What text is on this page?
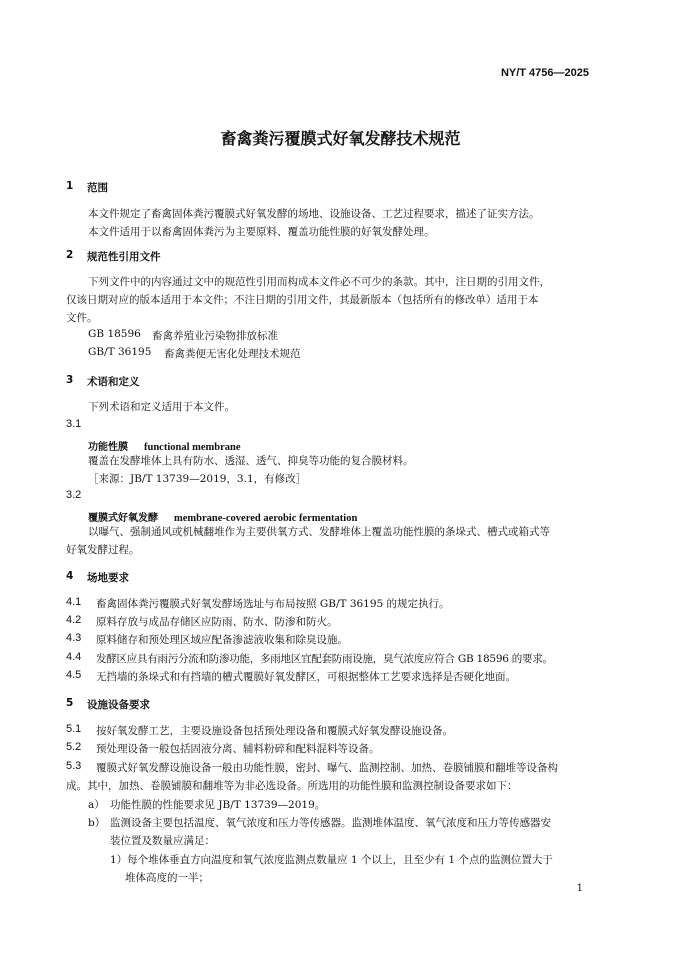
NY/T 4756—2025
畜禽粪污覆膜式好氧发酵技术规范
1 范围
本文件规定了畜禽固体粪污覆膜式好氧发酵的场地、设施设备、工艺过程要求，描述了证实方法。
本文件适用于以畜禽固体粪污为主要原料、覆盖功能性膜的好氧发酵处理。
2 规范性引用文件
下列文件中的内容通过文中的规范性引用而构成本文件必不可少的条款。其中，注日期的引用文件，
仅该日期对应的版本适用于本文件；不注日期的引用文件，其最新版本（包括所有的修改单）适用于本
文件。
GB 18596 畜禽养殖业污染物排放标准
GB/T 36195 畜禽粪便无害化处理技术规范
3 术语和定义
下列术语和定义适用于本文件。
3.1
功能性膜 functional membrane
覆盖在发酵堆体上具有防水、透湿、透气、抑臭等功能的复合膜材料。
［来源：JB/T 13739—2019，3.1，有修改］
3.2
覆膜式好氧发酵 membrane-covered aerobic fermentation
以曝气、强制通风或机械翻堆作为主要供氧方式、发酵堆体上覆盖功能性膜的条垛式、槽式或箱式等
好氧发酵过程。
4 场地要求
4.1 畜禽固体粪污覆膜式好氧发酵场选址与布局按照 GB/T 36195 的规定执行。
4.2 原料存放与成品存储区应防雨、防水、防渗和防火。
4.3 原料储存和预处理区域应配备渗滤液收集和除臭设施。
4.4 发酵区应具有雨污分流和防渗功能，多雨地区宜配套防雨设施，臭气浓度应符合 GB 18596 的要求。
4.5 无挡墙的条垛式和有挡墙的槽式覆膜好氧发酵区，可根据整体工艺要求选择是否硬化地面。
5 设施设备要求
5.1 按好氧发酵工艺，主要设施设备包括预处理设备和覆膜式好氧发酵设施设备。
5.2 预处理设备一般包括固液分离、辅料粉碎和配料混料等设备。
5.3 覆膜式好氧发酵设施设备一般由功能性膜，密封、曝气、监测控制、加热、卷膜铺膜和翻堆等设备构
成。其中，加热、卷膜铺膜和翻堆等为非必选设备。所选用的功能性膜和监测控制设备要求如下：
a） 功能性膜的性能要求见 JB/T 13739—2019。
b） 监测设备主要包括温度、氧气浓度和压力等传感器。监测堆体温度、氧气浓度和压力等传感器安
装位置及数量应满足：
1）每个堆体垂直方向温度和氧气浓度监测点数量应 1 个以上，且至少有 1 个点的监测位置大于
堆体高度的一半；
1
